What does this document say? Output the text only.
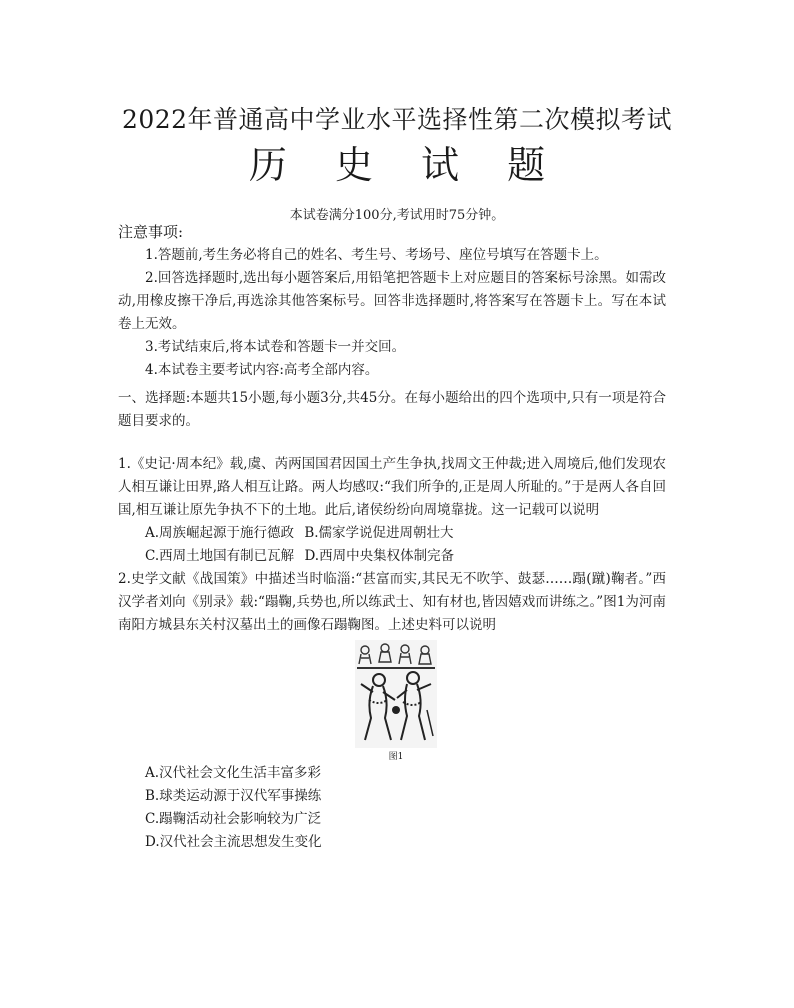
2022年普通高中学业水平选择性第二次模拟考试
历 史 试 题
本试卷满分100分,考试用时75分钟。
注意事项:

1.答题前,考生务必将自己的姓名、考生号、考场号、座位号填写在答题卡上。

2.回答选择题时,选出每小题答案后,用铅笔把答题卡上对应题目的答案标号涂黑。如需改动,用橡皮擦干净后,再选涂其他答案标号。回答非选择题时,将答案写在答题卡上。写在本试卷上无效。

3.考试结束后,将本试卷和答题卡一并交回。

4.本试卷主要考试内容:高考全部内容。

一、选择题:本题共15小题,每小题3分,共45分。在每小题给出的四个选项中,只有一项是符合题目要求的。

1.《史记·周本纪》载,虞、芮两国国君因国土产生争执,找周文王仲裁;进入周境后,他们发现农人相互谦让田界,路人相互让路。两人均感叹:“我们所争的,正是周人所耻的。”于是两人各自回国,相互谦让原先争执不下的土地。此后,诸侯纷纷向周境靠拢。这一记载可以说明

A.周族崛起源于施行德政 B.儒家学说促进周朝壮大

C.西周土地国有制已瓦解 D.西周中央集权体制完备

2.史学文献《战国策》中描述当时临淄:“甚富而实,其民无不吹竽、鼓瑟……蹋(蹴)鞠者。”西汉学者刘向《别录》载:“蹋鞠,兵势也,所以练武士、知有材也,皆因嬉戏而讲练之。”图1为河南南阳方城县东关村汉墓出土的画像石蹋鞠图。上述史料可以说明

图1

A.汉代社会文化生活丰富多彩

B.球类运动源于汉代军事操练

C.蹋鞠活动社会影响较为广泛

D.汉代社会主流思想发生变化
